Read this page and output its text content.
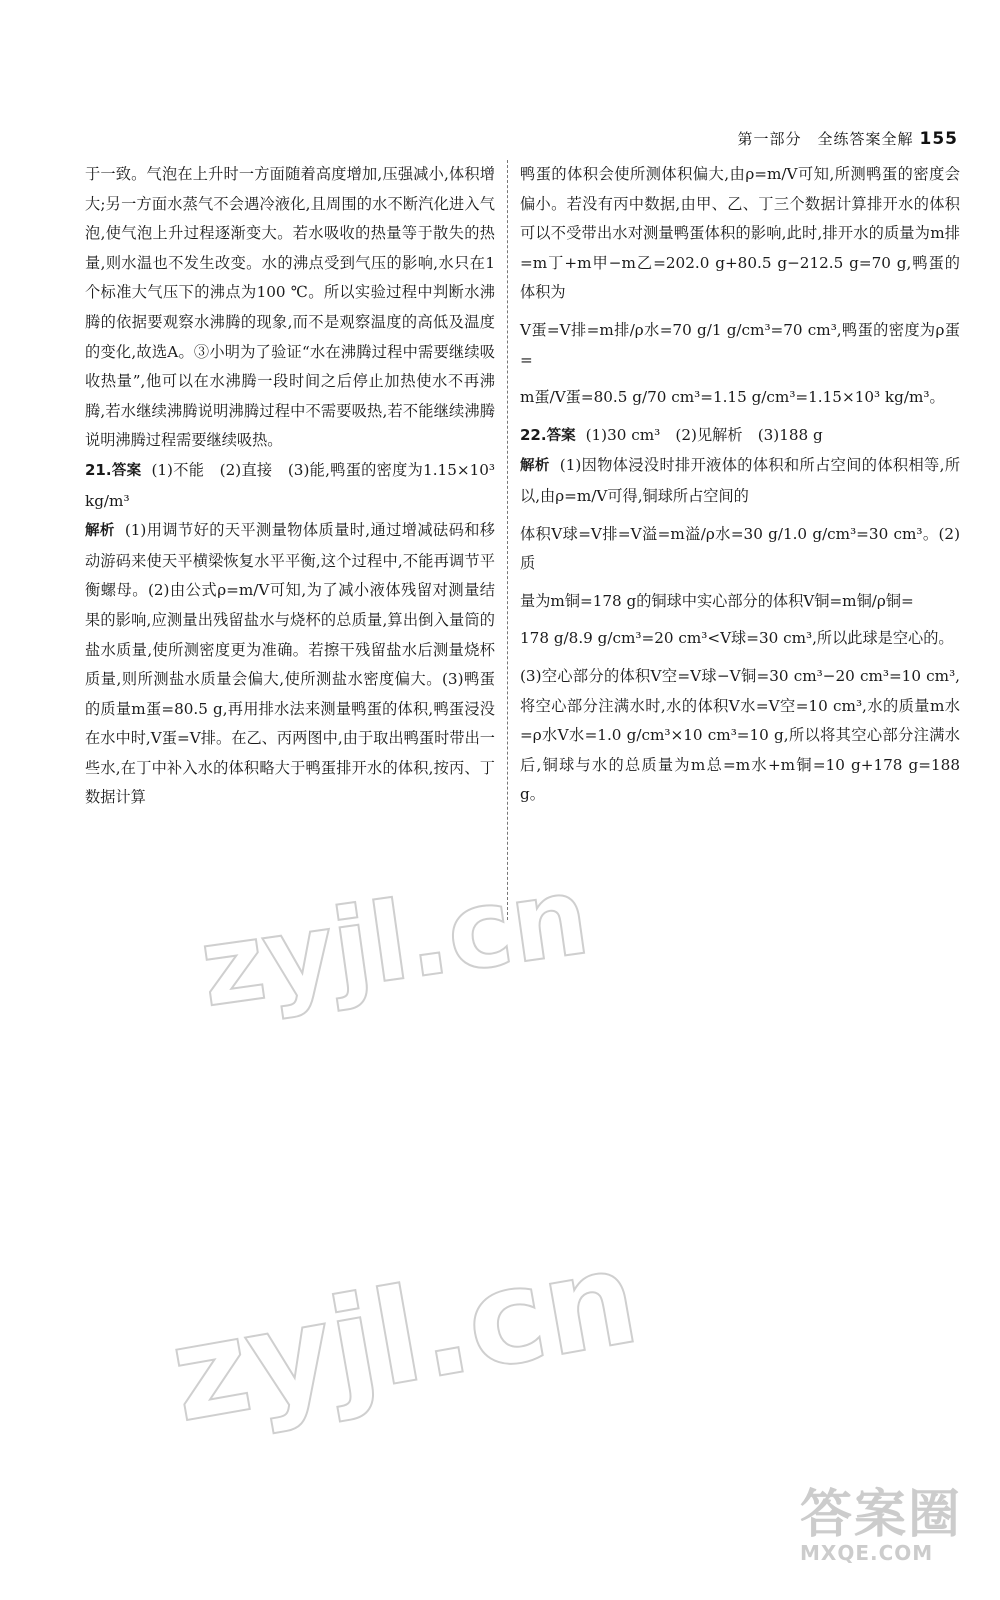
第一部分　全练答案全解 155

于一致。气泡在上升时一方面随着高度增加,压强减小,体积增大;另一方面水蒸气不会遇冷液化,且周围的水不断汽化进入气泡,使气泡上升过程逐渐变大。若水吸收的热量等于散失的热量,则水温也不发生改变。水的沸点受到气压的影响,水只在1个标准大气压下的沸点为100 ℃。所以实验过程中判断水沸腾的依据要观察水沸腾的现象,而不是观察温度的高低及温度的变化,故选A。③小明为了验证“水在沸腾过程中需要继续吸收热量”,他可以在水沸腾一段时间之后停止加热使水不再沸腾,若水继续沸腾说明沸腾过程中不需要吸热,若不能继续沸腾说明沸腾过程需要继续吸热。

21.答案 (1)不能　(2)直接　(3)能,鸭蛋的密度为1.15×10³ kg/m³

解析 (1)用调节好的天平测量物体质量时,通过增减砝码和移动游码来使天平横梁恢复水平平衡,这个过程中,不能再调节平衡螺母。(2)由公式ρ=m/V可知,为了减小液体残留对测量结果的影响,应测量出残留盐水与烧杯的总质量,算出倒入量筒的盐水质量,使所测密度更为准确。若擦干残留盐水后测量烧杯质量,则所测盐水质量会偏大,使所测盐水密度偏大。(3)鸭蛋的质量m蛋=80.5 g,再用排水法来测量鸭蛋的体积,鸭蛋浸没在水中时,V蛋=V排。在乙、丙两图中,由于取出鸭蛋时带出一些水,在丁中补入水的体积略大于鸭蛋排开水的体积,按丙、丁数据计算

鸭蛋的体积会使所测体积偏大,由ρ=m/V可知,所测鸭蛋的密度会偏小。若没有丙中数据,由甲、乙、丁三个数据计算排开水的体积可以不受带出水对测量鸭蛋体积的影响,此时,排开水的质量为m排=m丁+m甲−m乙=202.0 g+80.5 g−212.5 g=70 g,鸭蛋的体积为

V蛋=V排=m排/ρ水=70 g/1 g/cm³=70 cm³,鸭蛋的密度为ρ蛋=

m蛋/V蛋=80.5 g/70 cm³=1.15 g/cm³=1.15×10³ kg/m³。

22.答案 (1)30 cm³　(2)见解析　(3)188 g

解析 (1)因物体浸没时排开液体的体积和所占空间的体积相等,所以,由ρ=m/V可得,铜球所占空间的

体积V球=V排=V溢=m溢/ρ水=30 g/1.0 g/cm³=30 cm³。(2)质

量为m铜=178 g的铜球中实心部分的体积V铜=m铜/ρ铜=

178 g/8.9 g/cm³=20 cm³<V球=30 cm³,所以此球是空心的。

(3)空心部分的体积V空=V球−V铜=30 cm³−20 cm³=10 cm³,将空心部分注满水时,水的体积V水=V空=10 cm³,水的质量m水=ρ水V水=1.0 g/cm³×10 cm³=10 g,所以将其空心部分注满水后,铜球与水的总质量为m总=m水+m铜=10 g+178 g=188 g。

zyjl.cn
zyjl.cn
答案圈
MXQE.COM
